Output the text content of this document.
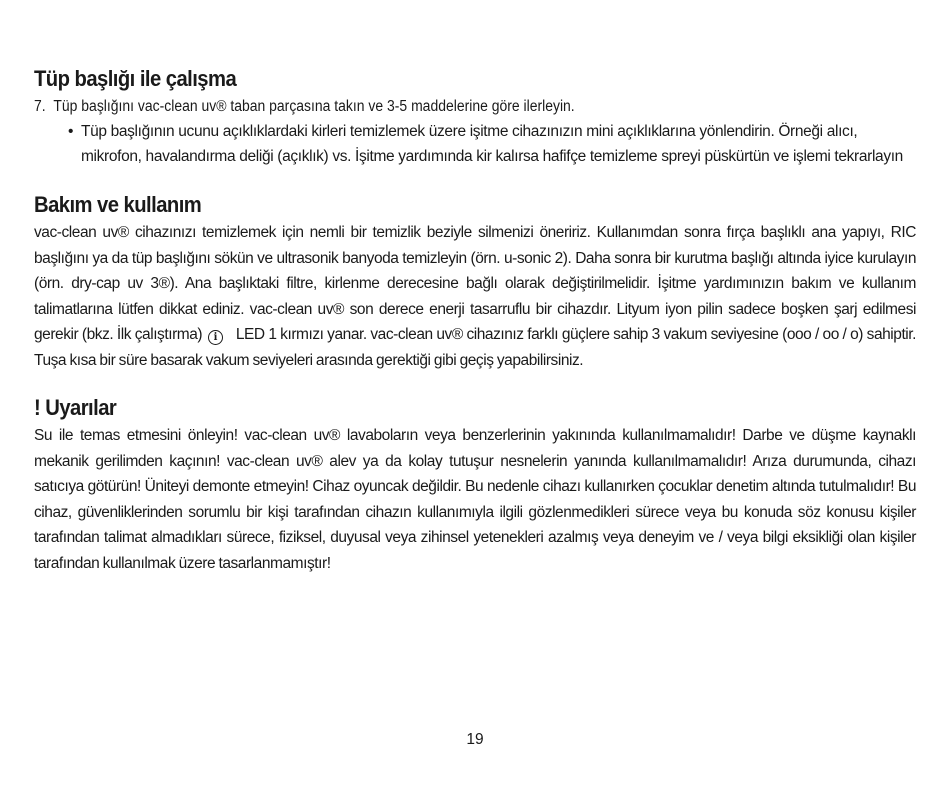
Tüp başlığı ile çalışma
7.  Tüp başlığını vac-clean uv® taban parçasına takın ve 3-5 maddelerine göre ilerleyin.
• Tüp başlığının ucunu açıklıklardaki kirleri temizlemek üzere işitme cihazınızın mini açıklıklarına yönlendirin. Örneği alıcı, mikrofon, havalandırma deliği (açıklık) vs. İşitme yardımında kir kalırsa hafifçe temizleme spreyi püskürtün ve işlemi tekrarlayın
Bakım ve kullanım

vac-clean uv® cihazınızı temizlemek için nemli bir temizlik beziyle silmenizi öneririz. Kullanımdan sonra fırça başlıklı ana yapıyı, RIC başlığını ya da tüp başlığını sökün ve ultrasonik banyoda temizleyin (örn. u-sonic 2). Daha sonra bir kurutma başlığı altında iyice kurulayın (örn. dry-cap uv 3®). Ana başlıktaki filtre, kirlenme derecesine bağlı olarak değiştirilmelidir. İşitme yardımınızın bakım ve kullanım talimatlarına lütfen dikkat ediniz. vac-clean uv® son derece enerji tasarruflu bir cihazdır. Lityum iyon pilin sadece boşken şarj edilmesi gerekir (bkz. İlk çalıştırma) i   LED 1 kırmızı yanar. vac-clean uv® cihazınız farklı güçlere sahip 3 vakum seviyesine (ooo / oo / o) sahiptir. Tuşa kısa bir süre basarak vakum seviyeleri arasında gerektiği gibi geçiş yapabilirsiniz.

! Uyarılar

Su ile temas etmesini önleyin! vac-clean uv® lavaboların veya benzerlerinin yakınında kullanılmamalıdır! Darbe ve düşme kaynaklı mekanik gerilimden kaçının! vac-clean uv® alev ya da kolay tutuşur nesnelerin yanında kullanılmamalıdır! Arıza durumunda, cihazı satıcıya götürün! Üniteyi demonte etmeyin! Cihaz oyuncak değildir. Bu nedenle cihazı kullanırken çocuklar denetim altında tutulmalıdır! Bu cihaz, güvenliklerinden sorumlu bir kişi tarafından cihazın kullanımıyla ilgili gözlenmedikleri sürece veya bu konuda söz konusu kişiler tarafından talimat almadıkları sürece, fiziksel, duyusal veya zihinsel yetenekleri azalmış veya deneyim ve / veya bilgi eksikliği olan kişiler tarafından kullanılmak üzere tasarlanmamıştır!

19
